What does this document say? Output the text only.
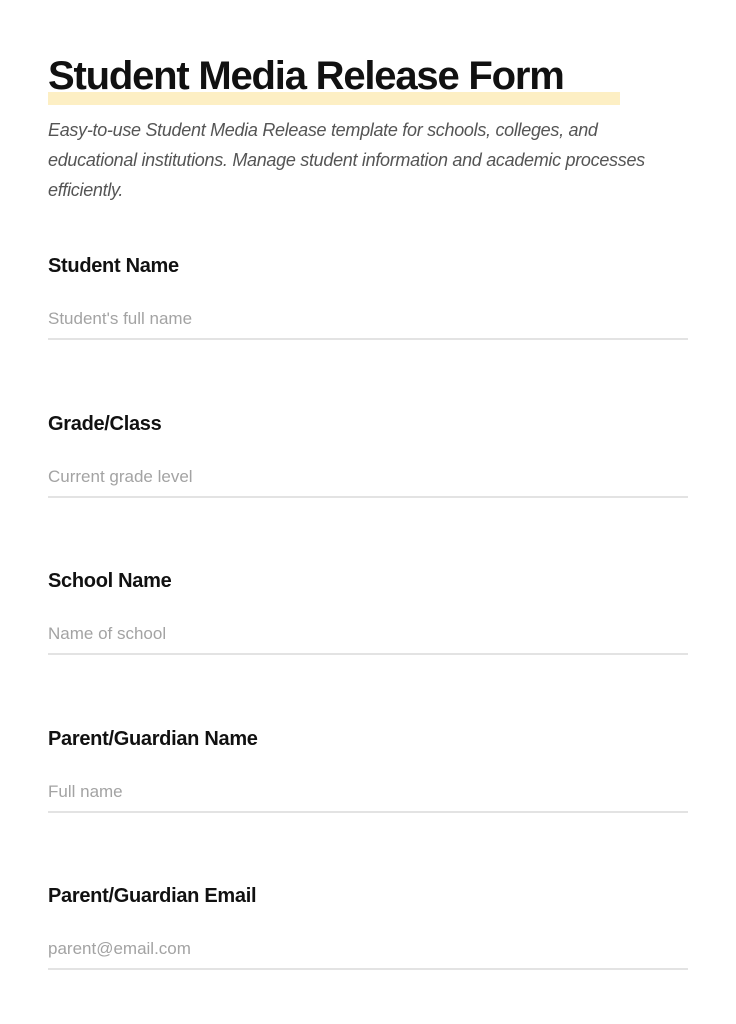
Student Media Release Form

Easy-to-use Student Media Release template for schools, colleges, and educational institutions. Manage student information and academic processes efficiently.

Student Name
Student's full name
Grade/Class
Current grade level
School Name
Name of school
Parent/Guardian Name
Full name
Parent/Guardian Email
parent@email.com
